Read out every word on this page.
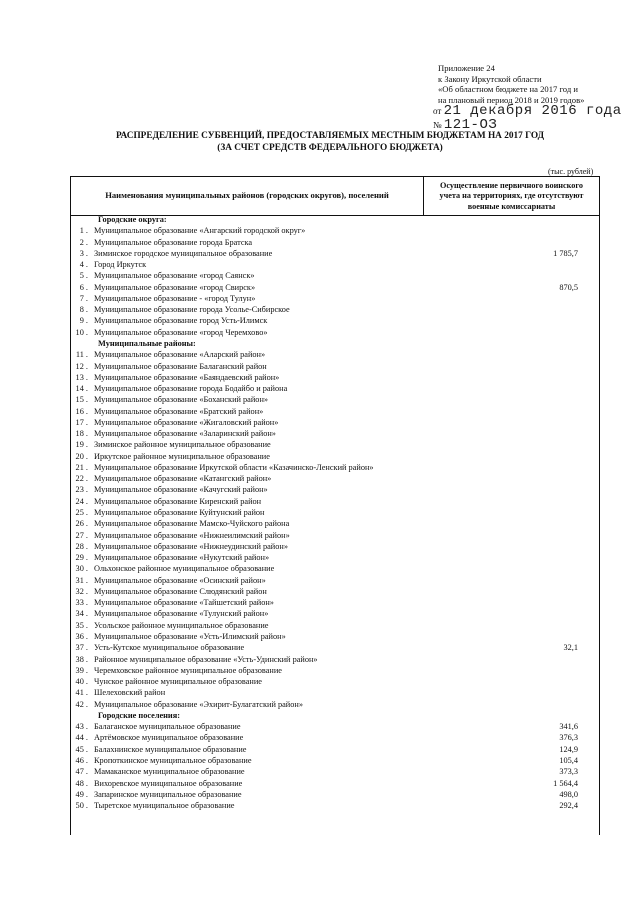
Приложение 24
к Закону Иркутской области
«Об областном бюджете на 2017 год и
на плановый период 2018 и 2019 годов»
от 21 декабря 2016 года
№ 121-ОЗ
РАСПРЕДЕЛЕНИЕ СУБВЕНЦИЙ, ПРЕДОСТАВЛЯЕМЫХ МЕСТНЫМ БЮДЖЕТАМ НА 2017 ГОД
(ЗА СЧЕТ СРЕДСТВ ФЕДЕРАЛЬНОГО БЮДЖЕТА)
(тыс. рублей)
Наименования муниципальных районов (городских округов), поселений
Осуществление первичного воинского
учета на территориях, где отсутствуют
военные комиссариаты
Городские округа:
1 . Муниципальное образование «Ангарский городской округ»
2 . Муниципальное образование города Братска
3 . Зиминское городское муниципальное образование	1 785,7
4 . Город Иркутск
5 . Муниципальное образование «город Саянск»
6 . Муниципальное образование «город Свирск»	870,5
7 . Муниципальное образование - «город Тулун»
8 . Муниципальное образование города Усолье-Сибирское
9 . Муниципальное образование город Усть-Илимск
10 . Муниципальное образование «город Черемхово»
Муниципальные районы:
11 . Муниципальное образование «Аларский район»
12 . Муниципальное образование Балаганский район
13 . Муниципальное образование «Баяндаевский район»
14 . Муниципальное образование города Бодайбо и района
15 . Муниципальное образование «Боханский район»
16 . Муниципальное образование «Братский район»
17 . Муниципальное образование «Жигаловский район»
18 . Муниципальное образование «Заларинский район»
19 . Зиминское районное муниципальное образование
20 . Иркутское районное муниципальное образование
21 . Муниципальное образование Иркутской области «Казачинско-Ленский район»
22 . Муниципальное образование «Катангский район»
23 . Муниципальное образование «Качугский район»
24 . Муниципальное образование Киренский район
25 . Муниципальное образование Куйтунский район
26 . Муниципальное образование Мамско-Чуйского района
27 . Муниципальное образование «Нижнеилимский район»
28 . Муниципальное образование «Нижнеудинский район»
29 . Муниципальное образование «Нукутский район»
30 . Ольхонское районное муниципальное образование
31 . Муниципальное образование «Осинский район»
32 . Муниципальное образование Слюдянский район
33 . Муниципальное образование «Тайшетский район»
34 . Муниципальное образование «Тулунский район»
35 . Усольское районное муниципальное образование
36 . Муниципальное образование «Усть-Илимский район»
37 . Усть-Кутское муниципальное образование	32,1
38 . Районное муниципальное образование «Усть-Удинский район»
39 . Черемховское районное муниципальное образование
40 . Чунское районное муниципальное образование
41 . Шелеховский район
42 . Муниципальное образование «Эхирит-Булагатский район»
Городские поселения:
43 . Балаганское муниципальное образование	341,6
44 . Артёмовское муниципальное образование	376,3
45 . Балахнинское муниципальное образование	124,9
46 . Кропоткинское муниципальное образование	105,4
47 . Мамаканское муниципальное образование	373,3
48 . Вихоревское муниципальное образование	1 564,4
49 . Запаринское муниципальное образование	498,0
50 . Тыретское муниципальное образование	292,4
